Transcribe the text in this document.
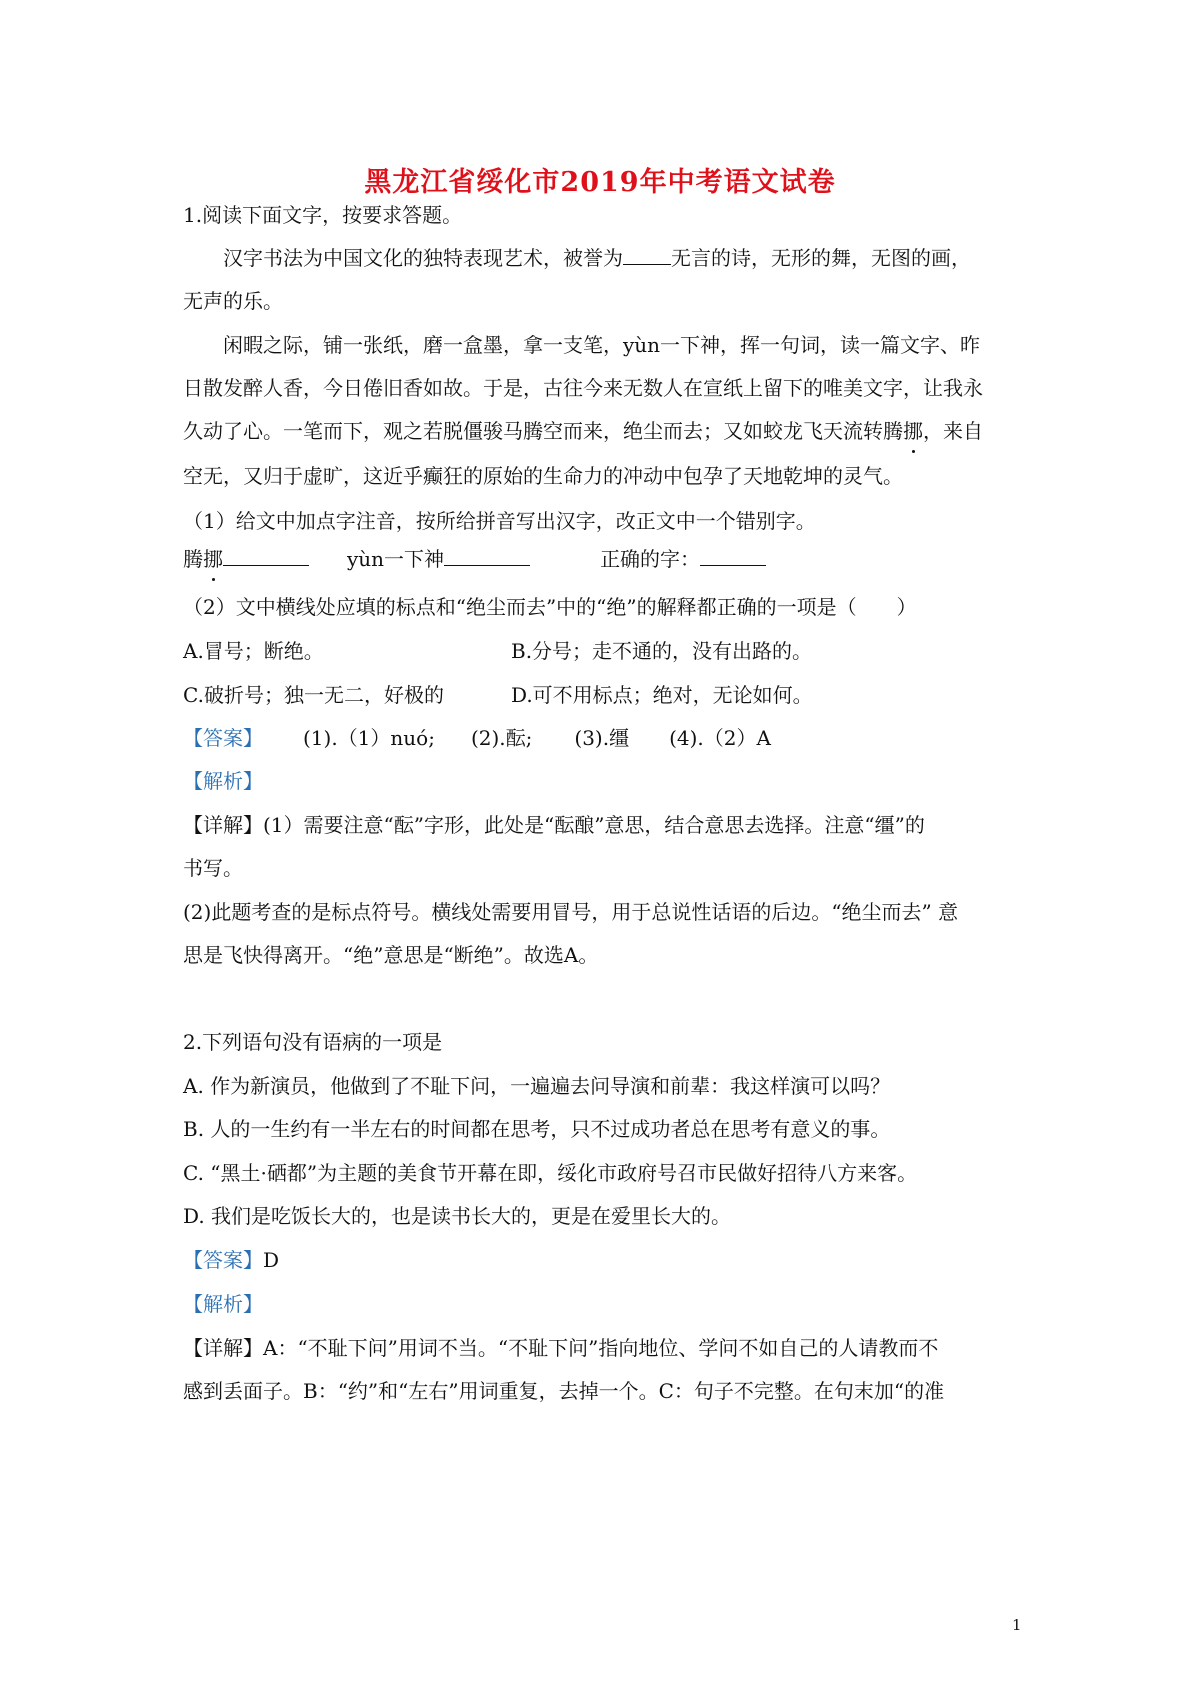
黑龙江省绥化市2019年中考语文试卷
1.阅读下面文字，按要求答题。
汉字书法为中国文化的独特表现艺术，被誉为 无言的诗，无形的舞，无图的画，
无声的乐。
闲暇之际，铺一张纸，磨一盒墨，拿一支笔，yùn一下神，挥一句词，读一篇文字、昨
日散发醉人香，今日倦旧香如故。于是，古往今来无数人在宣纸上留下的唯美文字，让我永
久动了心。一笔而下，观之若脱僵骏马腾空而来，绝尘而去；又如蛟龙飞天流转腾挪，来自
空无，又归于虚旷，这近乎癫狂的原始的生命力的冲动中包孕了天地乾坤的灵气。
（1）给文中加点字注音，按所给拼音写出汉字，改正文中一个错别字。
腾挪	yùn一下神	正确的字：
（2）文中横线处应填的标点和“绝尘而去”中的“绝”的解释都正确的一项是（　　）
A.冒号；断绝。	B.分号；走不通的，没有出路的。
C.破折号；独一无二，好极的	D.可不用标点；绝对，无论如何。
【答案】 (1).（1）nuó; (2).酝; (3).缰 (4).（2）A
【解析】
【详解】(1）需要注意“酝”字形，此处是“酝酿”意思，结合意思去选择。注意“缰”的
书写。
(2)此题考查的是标点符号。横线处需要用冒号，用于总说性话语的后边。“绝尘而去” 意
思是飞快得离开。“绝”意思是“断绝”。故选A。
2.下列语句没有语病的一项是
A. 作为新演员，他做到了不耻下问，一遍遍去问导演和前辈：我这样演可以吗？
B. 人的一生约有一半左右的时间都在思考，只不过成功者总在思考有意义的事。
C. “黑土·硒都”为主题的美食节开幕在即，绥化市政府号召市民做好招待八方来客。
D. 我们是吃饭长大的，也是读书长大的，更是在爱里长大的。
【答案】D
【解析】
【详解】A：“不耻下问”用词不当。“不耻下问”指向地位、学问不如自己的人请教而不
感到丢面子。B：“约”和“左右”用词重复，去掉一个。C：句子不完整。在句末加“的准
1
